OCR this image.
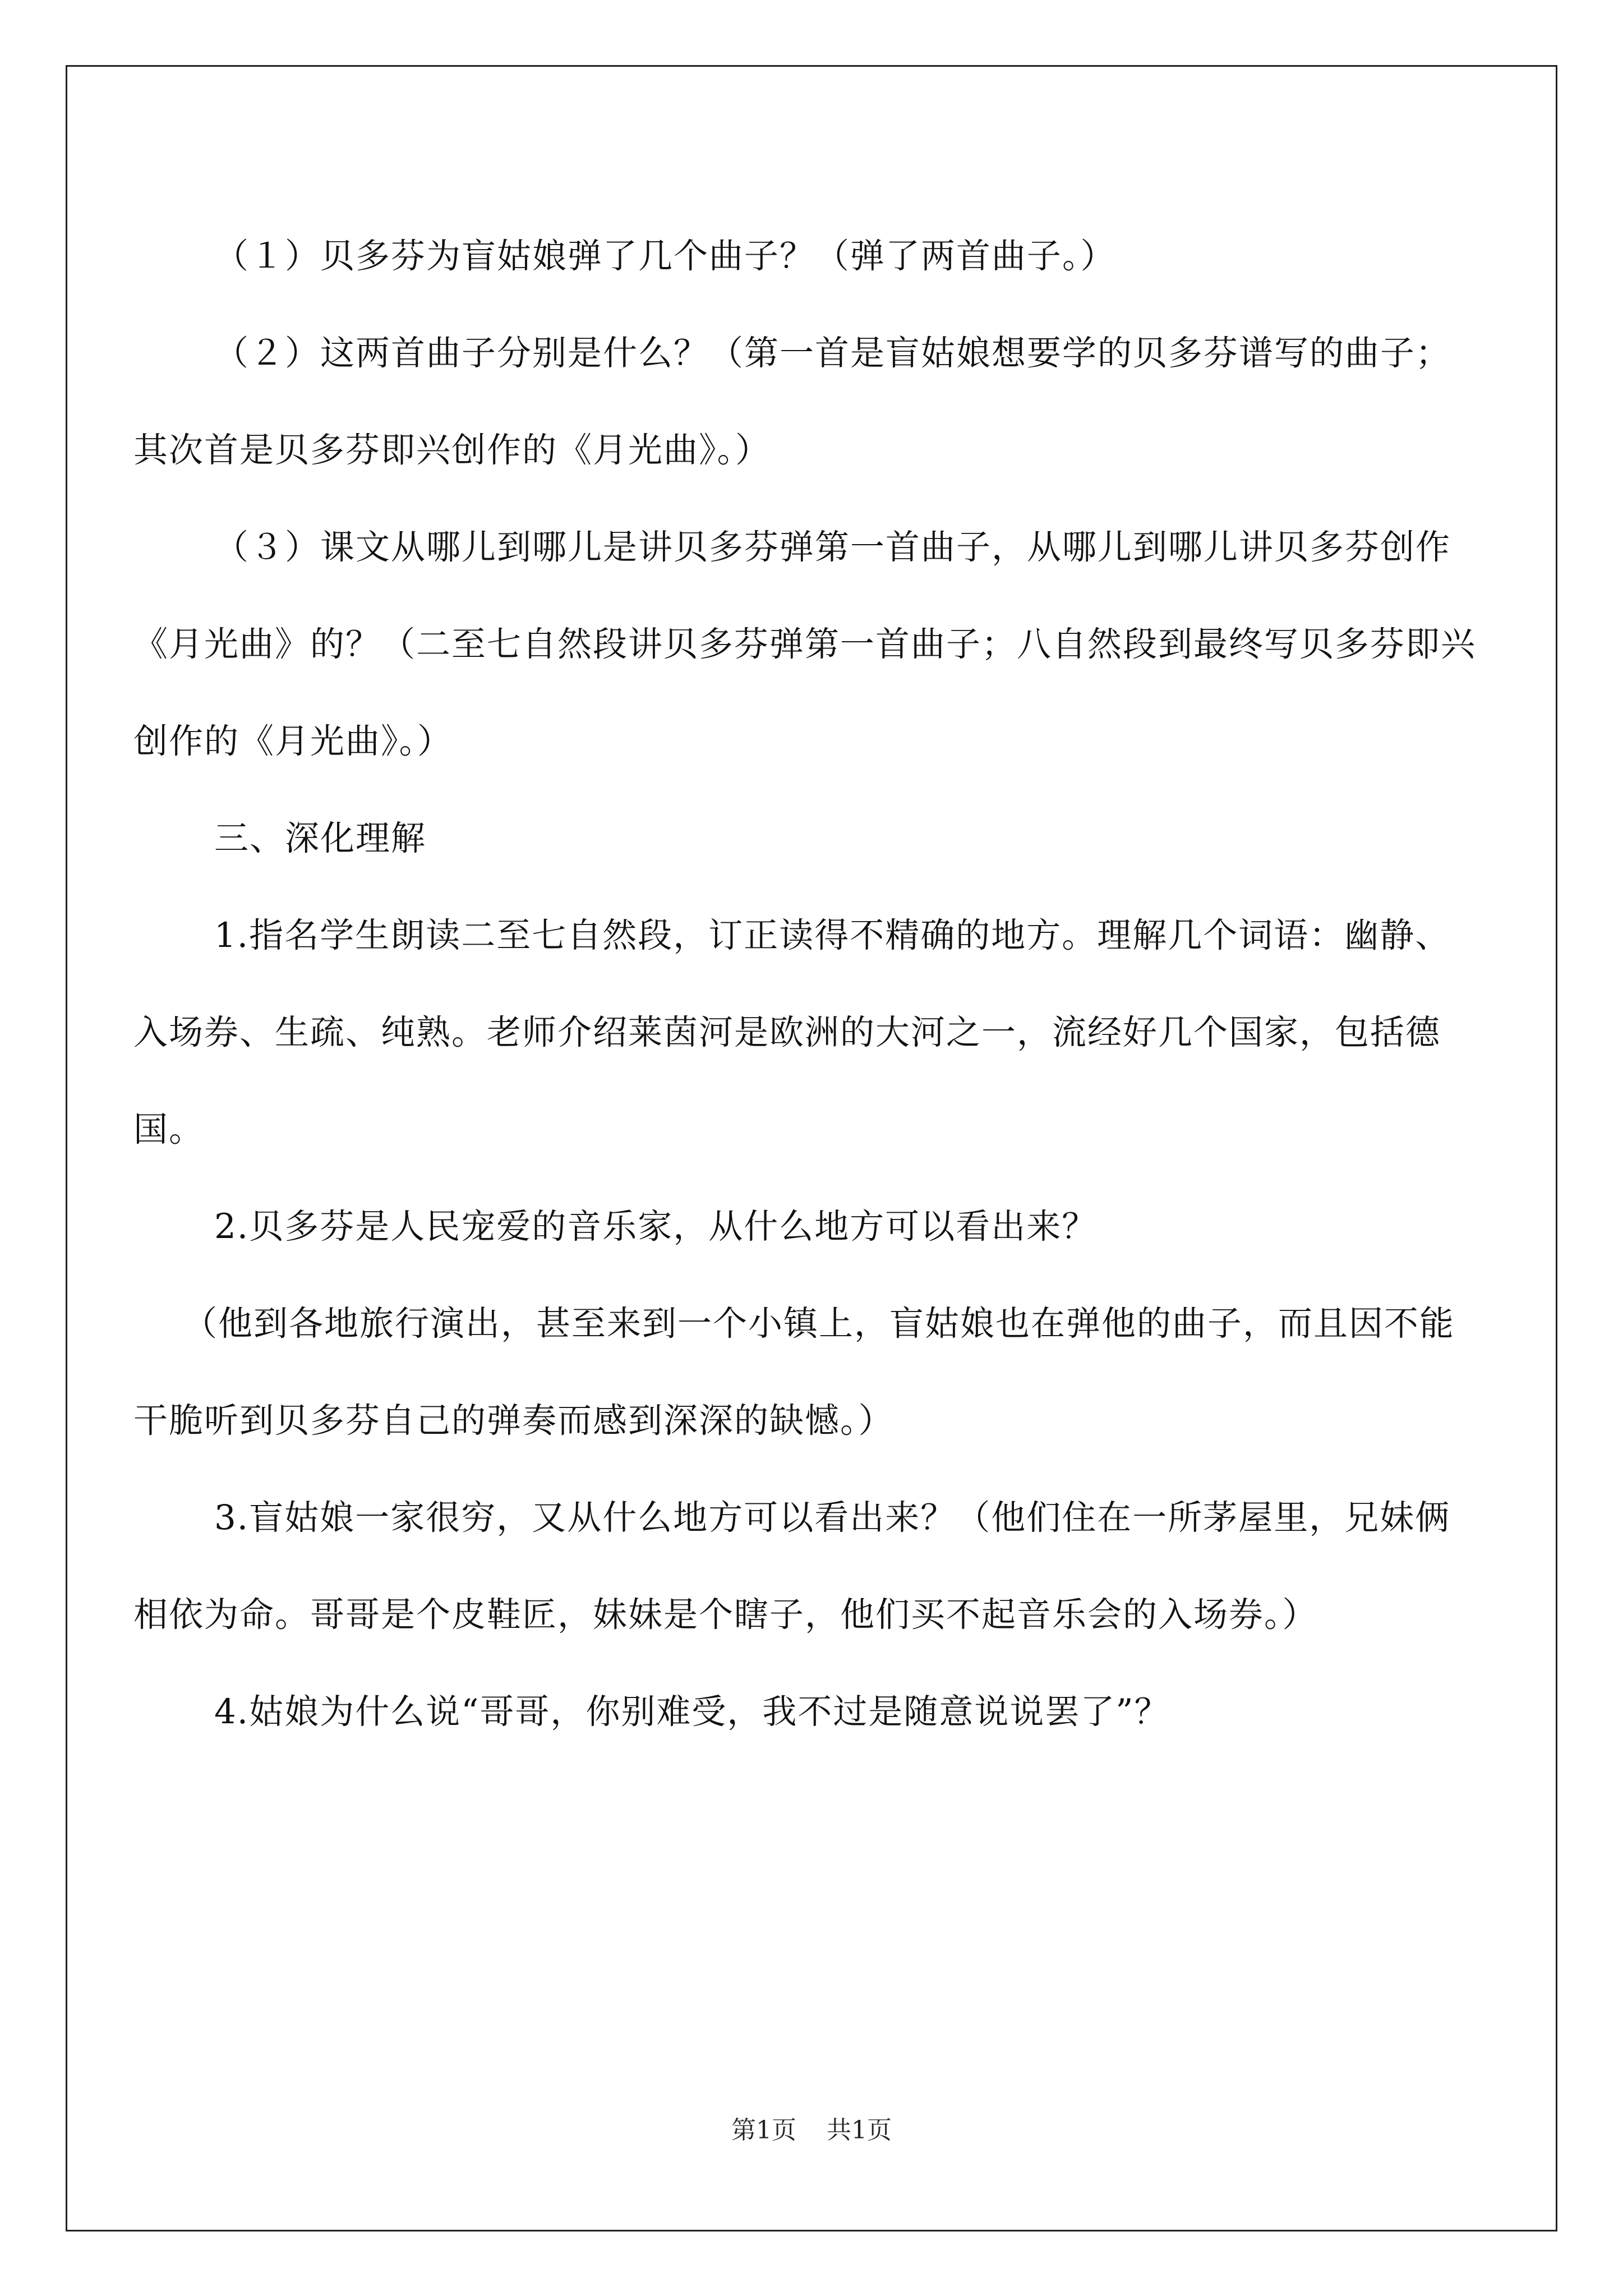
（１）贝多芬为盲姑娘弹了几个曲子？（弹了两首曲子。）

（２）这两首曲子分别是什么？（第一首是盲姑娘想要学的贝多芬谱写的曲子；其次首是贝多芬即兴创作的《月光曲》。）

（３）课文从哪儿到哪儿是讲贝多芬弹第一首曲子，从哪儿到哪儿讲贝多芬创作《月光曲》的？（二至七自然段讲贝多芬弹第一首曲子；八自然段到最终写贝多芬即兴创作的《月光曲》。）

三、深化理解

1.指名学生朗读二至七自然段，订正读得不精确的地方。理解几个词语：幽静、入场券、生疏、纯熟。老师介绍莱茵河是欧洲的大河之一，流经好几个国家，包括德国。

2.贝多芬是人民宠爱的音乐家，从什么地方可以看出来？

（他到各地旅行演出，甚至来到一个小镇上，盲姑娘也在弹他的曲子，而且因不能干脆听到贝多芬自己的弹奏而感到深深的缺憾。）

3.盲姑娘一家很穷，又从什么地方可以看出来？（他们住在一所茅屋里，兄妹俩相依为命。哥哥是个皮鞋匠，妹妹是个瞎子，他们买不起音乐会的入场券。）

4.姑娘为什么说“哥哥，你别难受，我不过是随意说说罢了”？

第1页 共1页
